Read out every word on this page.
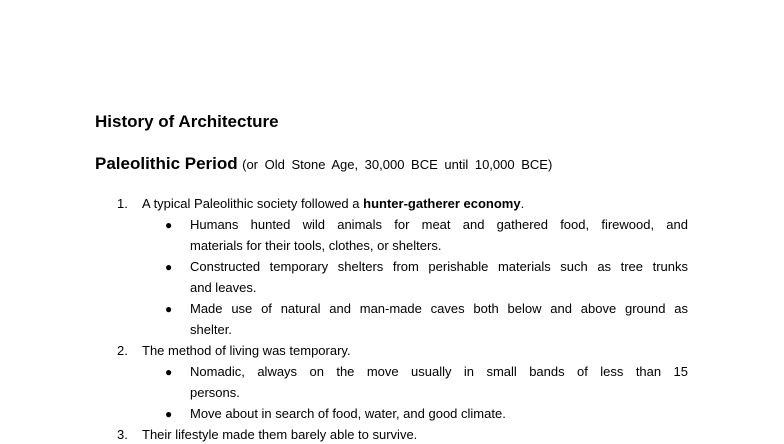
History of Architecture
Paleolithic Period (or Old Stone Age, 30,000 BCE until 10,000 BCE)
1. A typical Paleolithic society followed a hunter-gatherer economy.
● Humans hunted wild animals for meat and gathered food, firewood, and
materials for their tools, clothes, or shelters.
● Constructed temporary shelters from perishable materials such as tree trunks
and leaves.
● Made use of natural and man-made caves both below and above ground as
shelter.
2. The method of living was temporary.
● Nomadic, always on the move usually in small bands of less than 15
persons.
● Move about in search of food, water, and good climate.
3. Their lifestyle made them barely able to survive.
